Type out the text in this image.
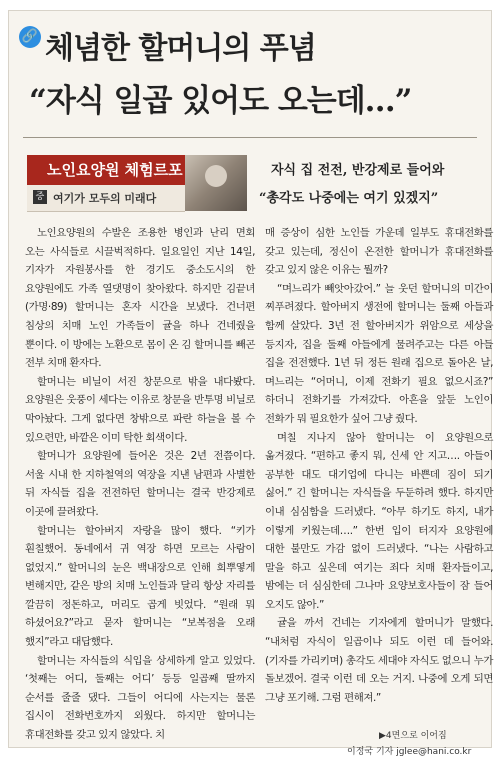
🔗 체념한 할머니의 푸념
“자식 일곱 있어도 오는데…”
노인요양원 체험르포
중 여기가 모두의 미래다
자식 집 전전, 반강제로 들어와
“총각도 나중에는 여기 있겠지”

노인요양원의 수발은 조용한 병인과 난리 면회 오는 사식들로 시끌벅적하다. 일요일인 지난 14일, 기자가 자원봉사를 한 경기도 중소도시의 한 요양원에도 가족 열댓명이 찾아왔다. 하지만 김끝녀(가명·89) 할머니는 혼자 시간을 보냈다. 건너편 침상의 치매 노인 가족들이 귤을 하나 건네줬을 뿐이다. 이 방에는 노환으로 몸이 온 김 할머니를 빼곤 전부 치매 환자다.

할머니는 비닐이 서진 창문으로 밖을 내다봤다. 요양원은 웃풍이 세다는 이유로 창문을 반투명 비닐로 막아놨다. 그게 없다면 창밖으로 파란 하늘을 볼 수 있으련만, 바깥은 이미 탁한 회색이다.

할머니가 요양원에 들어온 것은 2년 전쯤이다. 서울 시내 한 지하철역의 역장을 지낸 남편과 사별한 뒤 자식들 집을 전전하던 할머니는 결국 반강제로 이곳에 끌려왔다.

할머니는 할아버지 자랑을 많이 했다. “키가 훤칠했어. 동네에서 귀 역장 하면 모르는 사람이 없었지.” 할머니의 눈은 백내장으로 인해 희뿌옇게 변해지만, 같은 방의 치매 노인들과 달리 항상 자리를 깔끔히 정돈하고, 머리도 곱게 빗었다. “원래 뭐 하셨어요?”라고 묻자 할머니는 “보복점을 오래 했지”라고 대답했다.

할머니는 자식들의 식입을 상세하게 알고 있었다. ‘첫째는 어디, 둘째는 어디’ 등등 일곱째 딸까지 순서를 줄줄 댔다. 그들이 어디에 사는지는 물론 집시이 전화번호까지 외웠다. 하지만 할머니는 휴대전화를 갖고 있지 않았다. 치

매 증상이 심한 노인들 가운데 일부도 휴대전화를 갖고 있는데, 정신이 온전한 할머니가 휴대전화를 갖고 있지 않은 이유는 뭘까?

“며느리가 빼앗아갔어.” 늘 웃던 할머니의 미간이 찌푸려졌다. 할아버지 생전에 할머니는 둘째 아들과 함께 살았다. 3년 전 할아버지가 위암으로 세상을 등지자, 집을 둘째 아들에게 물려주고는 다른 아들 집을 전전했다. 1년 뒤 정든 원래 집으로 돌아온 날, 며느리는 “어머니, 이제 전화기 필요 없으시죠?” 하더니 전화기를 가져갔다. 아흔을 앞둔 노인이 전화가 뭐 필요한가 싶어 그냥 줬다.

며칠 지나지 않아 할머니는 이 요양원으로 옮겨졌다. “편하고 좋지 뭐, 신세 안 지고…. 아들이 공부한 대도 대기업에 다니는 바쁜데 짐이 되기 싫어.” 긴 할머니는 자식들을 두둔하려 했다. 하지만 이내 심심함을 드러냈다. “아무 하기도 하지, 내가 이렇게 키웠는데….” 한번 입이 터지자 요양원에 대한 불만도 가감 없이 드러냈다. “나는 사람하고 말을 하고 싶은데 여기는 죄다 치매 환자들이고, 밤에는 더 심심한데 그나마 요양보호사들이 잠 들어 오지도 않아.”

귤을 까서 건네는 기자에게 할머니가 말했다. “내처럼 자식이 일곱이나 되도 이런 데 들어와. (기자를 가리키며) 총각도 세대야 자식도 없으니 누가 돌보겠어. 결국 이런 데 오는 거지. 나중에 오게 되면 그냥 포기해. 그럼 편해져.”

▶4면으로 이어짐
이정국 기자 jglee@hani.co.kr
